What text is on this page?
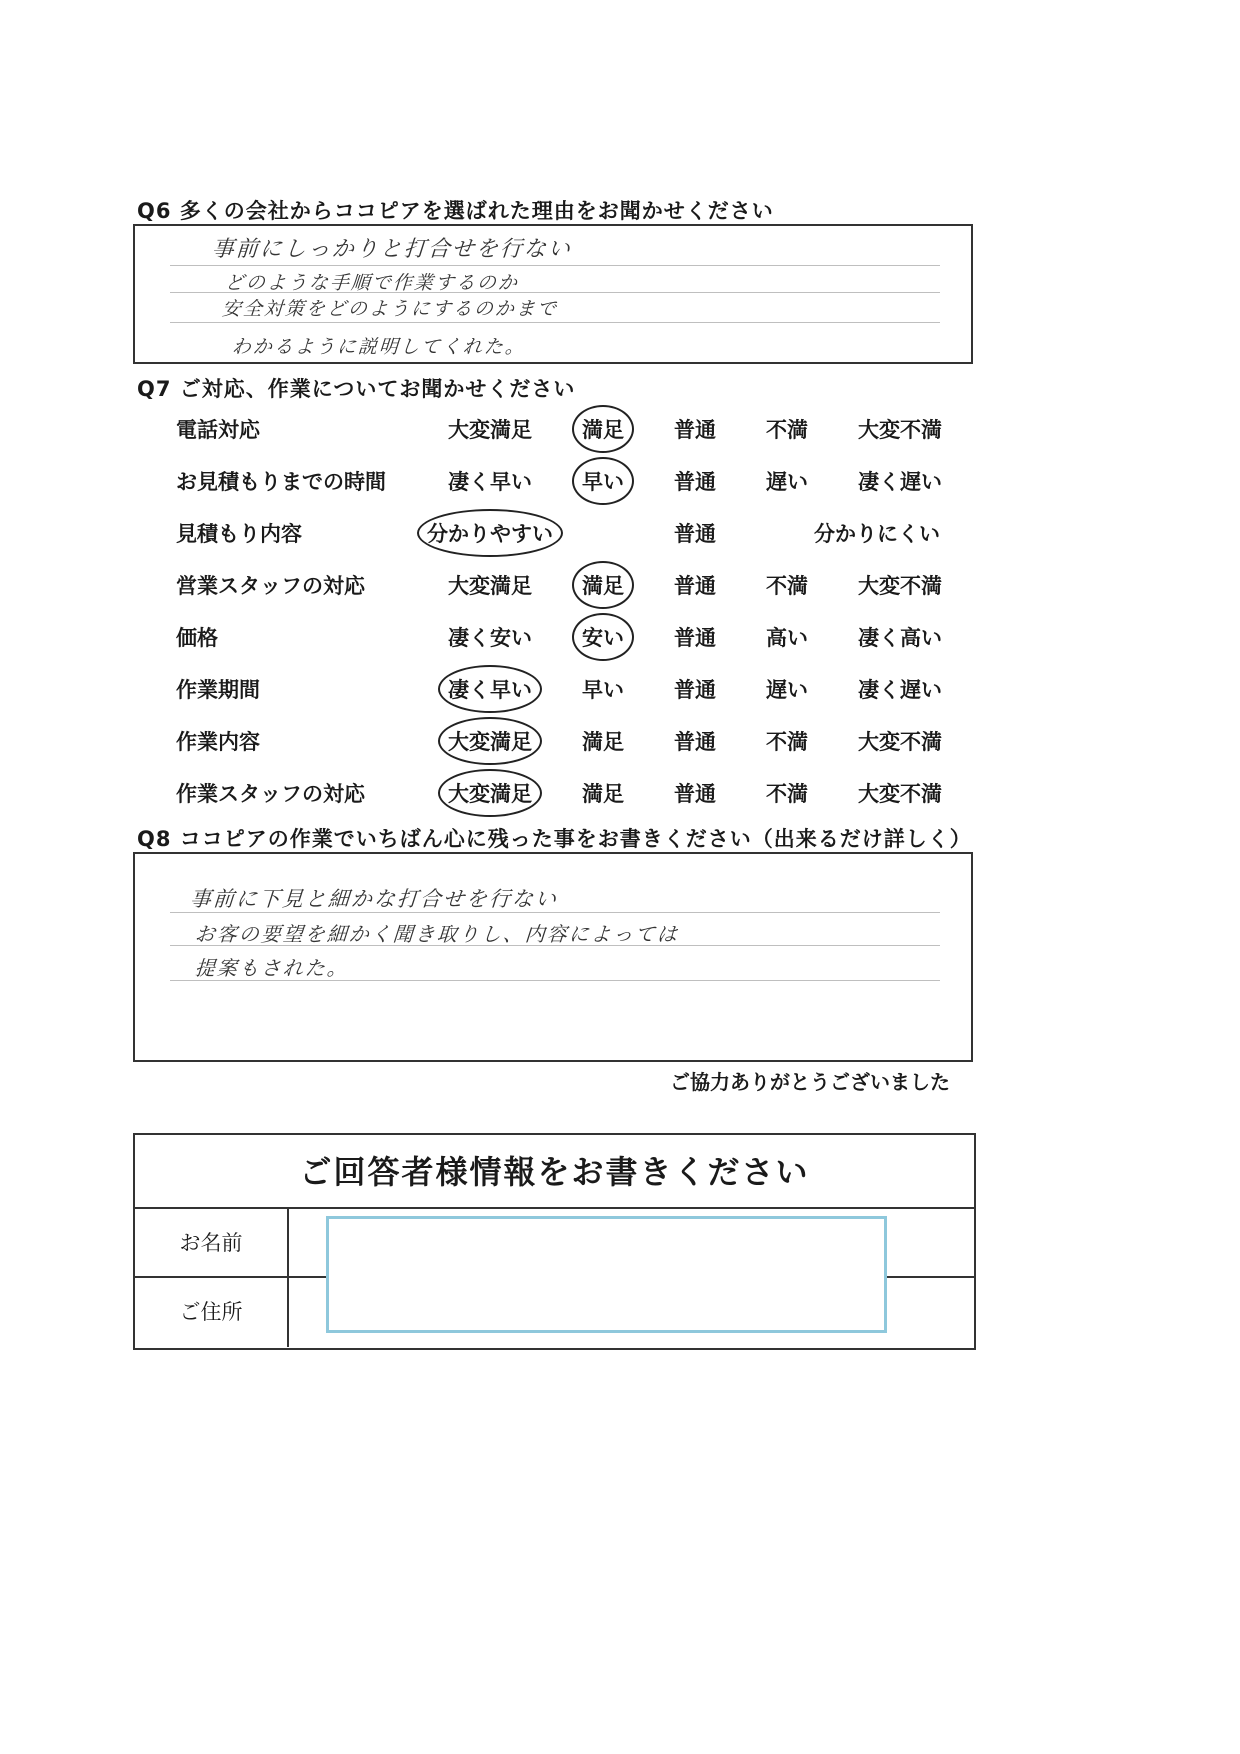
Q6 多くの会社からココピアを選ばれた理由をお聞かせください
事前にしっかりと打合せを行ない
どのような手順で作業するのか
安全対策をどのようにするのかまで
わかるように説明してくれた。
Q7 ご対応、作業についてお聞かせください
電話対応	大変満足 満足 普通 不満 大変不満
お見積もりまでの時間	凄く早い 早い 普通 遅い 凄く遅い
見積もり内容	分かりやすい	普通	分かりにくい
営業スタッフの対応	大変満足 満足 普通 不満 大変不満
価格	凄く安い 安い 普通 高い 凄く高い
作業期間	凄く早い 早い 普通 遅い 凄く遅い
作業内容	大変満足 満足 普通 不満 大変不満
作業スタッフの対応	大変満足 満足 普通 不満 大変不満
Q8 ココピアの作業でいちばん心に残った事をお書きください（出来るだけ詳しく）
事前に下見と細かな打合せを行ない
お客の要望を細かく聞き取りし、内容によっては
提案もされた。
ご協力ありがとうございました
ご回答者様情報をお書きください
お名前
ご住所
